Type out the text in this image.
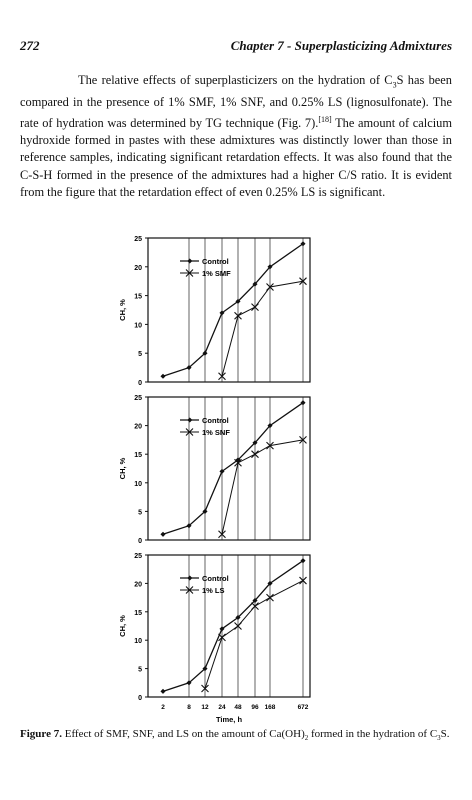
272	Chapter 7 - Superplasticizing Admixtures

The relative effects of superplasticizers on the hydration of $C_3S$ has been compared in the presence of 1% SMF, 1% SNF, and 0.25% LS (lignosulfonate). The rate of hydration was determined by TG technique (Fig. 7).[18] The amount of calcium hydroxide formed in pastes with these admixtures was distinctly lower than those in reference samples, indicating significant retardation effects. It was also found that the C-S-H formed in the presence of the admixtures had a higher C/S ratio. It is evident from the figure that the retardation effect of even 0.25% LS is significant.

0
5
10
15
20
25
CH, %
Control
1% SMF
0
5
10
15
20
25
CH, %
Control
1% SNF
0
5
10
15
20
25
CH, %
Control
1% LS
2	8 12 24 48 96 168	672
Time, h

Figure 7. Effect of SMF, SNF, and LS on the amount of $Ca(OH)_2$ formed in the hydration of $C_3S$.
